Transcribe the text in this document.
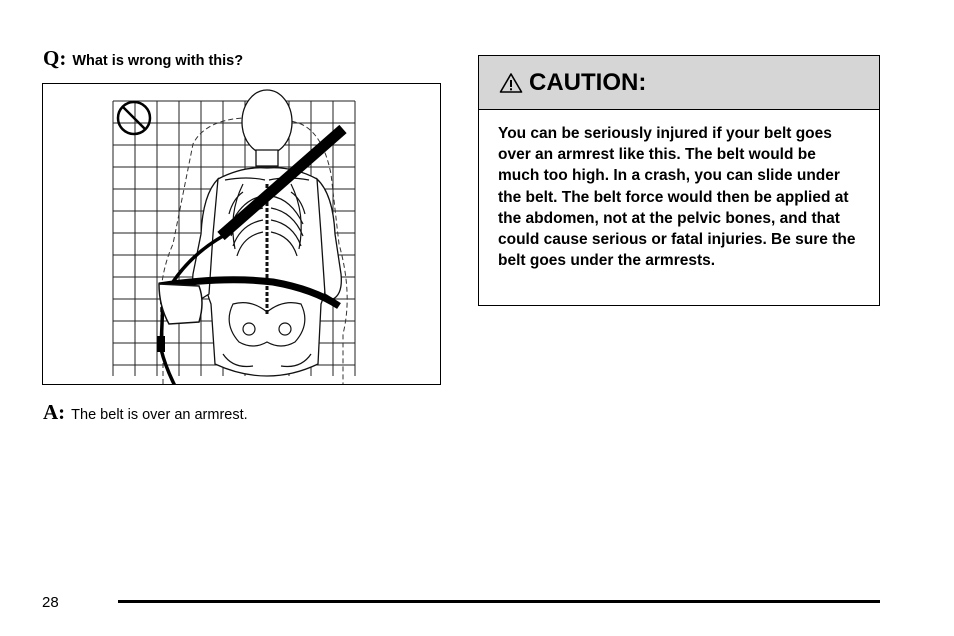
Q: What is wrong with this?
A: The belt is over an armrest.
CAUTION:
You can be seriously injured if your belt goes over an armrest like this. The belt would be much too high. In a crash, you can slide under the belt. The belt force would then be applied at the abdomen, not at the pelvic bones, and that could cause serious or fatal injuries. Be sure the belt goes under the armrests.
28
